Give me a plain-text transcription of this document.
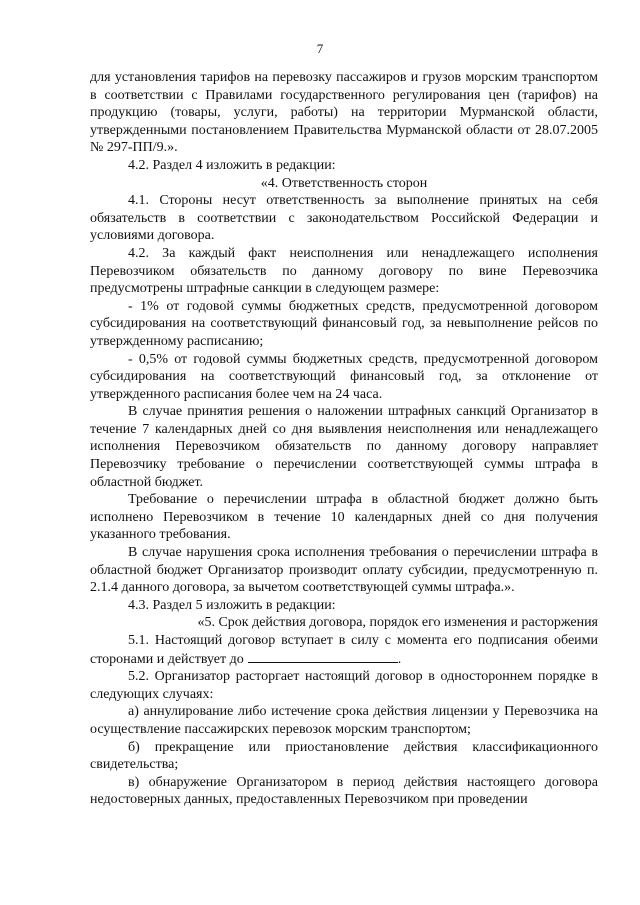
7

для установления тарифов на перевозку пассажиров и грузов морским транспортом в соответствии с Правилами государственного регулирования цен (тарифов) на продукцию (товары, услуги, работы) на территории Мурманской области, утвержденными постановлением Правительства Мурманской области от 28.07.2005 № 297-ПП/9.».

4.2. Раздел 4 изложить в редакции:

«4. Ответственность сторон

4.1. Стороны несут ответственность за выполнение принятых на себя обязательств в соответствии с законодательством Российской Федерации и условиями договора.

4.2. За каждый факт неисполнения или ненадлежащего исполнения Перевозчиком обязательств по данному договору по вине Перевозчика предусмотрены штрафные санкции в следующем размере:

- 1% от годовой суммы бюджетных средств, предусмотренной договором субсидирования на соответствующий финансовый год, за невыполнение рейсов по утвержденному расписанию;

- 0,5% от годовой суммы бюджетных средств, предусмотренной договором субсидирования на соответствующий финансовый год, за отклонение от утвержденного расписания более чем на 24 часа.

В случае принятия решения о наложении штрафных санкций Организатор в течение 7 календарных дней со дня выявления неисполнения или ненадлежащего исполнения Перевозчиком обязательств по данному договору направляет Перевозчику требование о перечислении соответствующей суммы штрафа в областной бюджет.

Требование о перечислении штрафа в областной бюджет должно быть исполнено Перевозчиком в течение 10 календарных дней со дня получения указанного требования.

В случае нарушения срока исполнения требования о перечислении штрафа в областной бюджет Организатор производит оплату субсидии, предусмотренную п. 2.1.4 данного договора, за вычетом соответствующей суммы штрафа.».

4.3. Раздел 5 изложить в редакции:

«5. Срок действия договора, порядок его изменения и расторжения

5.1. Настоящий договор вступает в силу с момента его подписания обеими сторонами и действует до	.

5.2. Организатор расторгает настоящий договор в одностороннем порядке в следующих случаях:

а) аннулирование либо истечение срока действия лицензии у Перевозчика на осуществление пассажирских перевозок морским транспортом;

б) прекращение или приостановление действия классификационного свидетельства;

в) обнаружение Организатором в период действия настоящего договора недостоверных данных, предоставленных Перевозчиком при проведении
